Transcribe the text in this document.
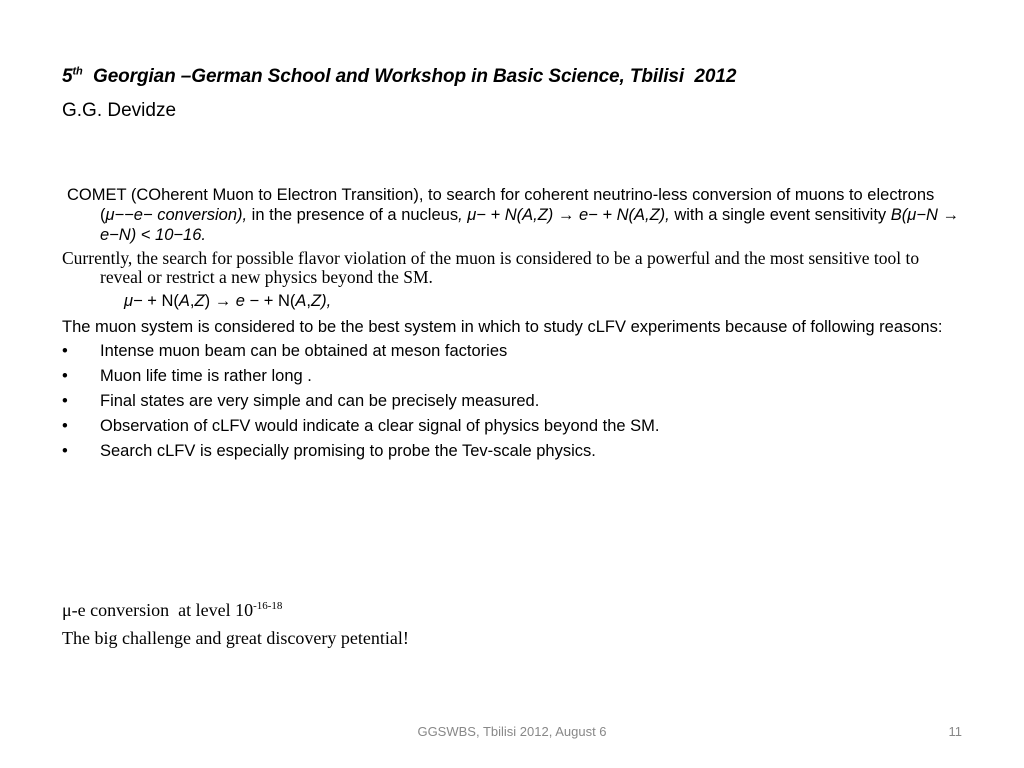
5th  Georgian –German School and Workshop in Basic Science, Tbilisi  2012
G.G. Devidze

COMET (COherent Muon to Electron Transition), to search for coherent neutrino-less conversion of muons to electrons (μ−−e− conversion), in the presence of a nucleus, μ− + N(A,Z) → e− + N(A,Z), with a single event sensitivity B(μ−N → e−N) < 10−16.

Currently, the search for possible flavor violation of the muon is considered to be a powerful and the most sensitive tool to reveal or restrict a new physics beyond the SM.

μ− + N(A,Z) → e − + N(A,Z),

The muon system is considered to be the best system in which to study cLFV experiments because of following reasons:

•	Intense muon beam can be obtained at meson factories
•	Muon life time is rather long .
•	Final states are very simple and can be precisely measured.
•	Observation of cLFV would indicate a clear signal of physics beyond the SM.
•	Search cLFV is especially promising to probe the Tev-scale physics.
μ-e conversion  at level $10^{-16-18}$
The big challenge and great discovery petential!
GGSWBS, Tbilisi 2012, August 6	11
